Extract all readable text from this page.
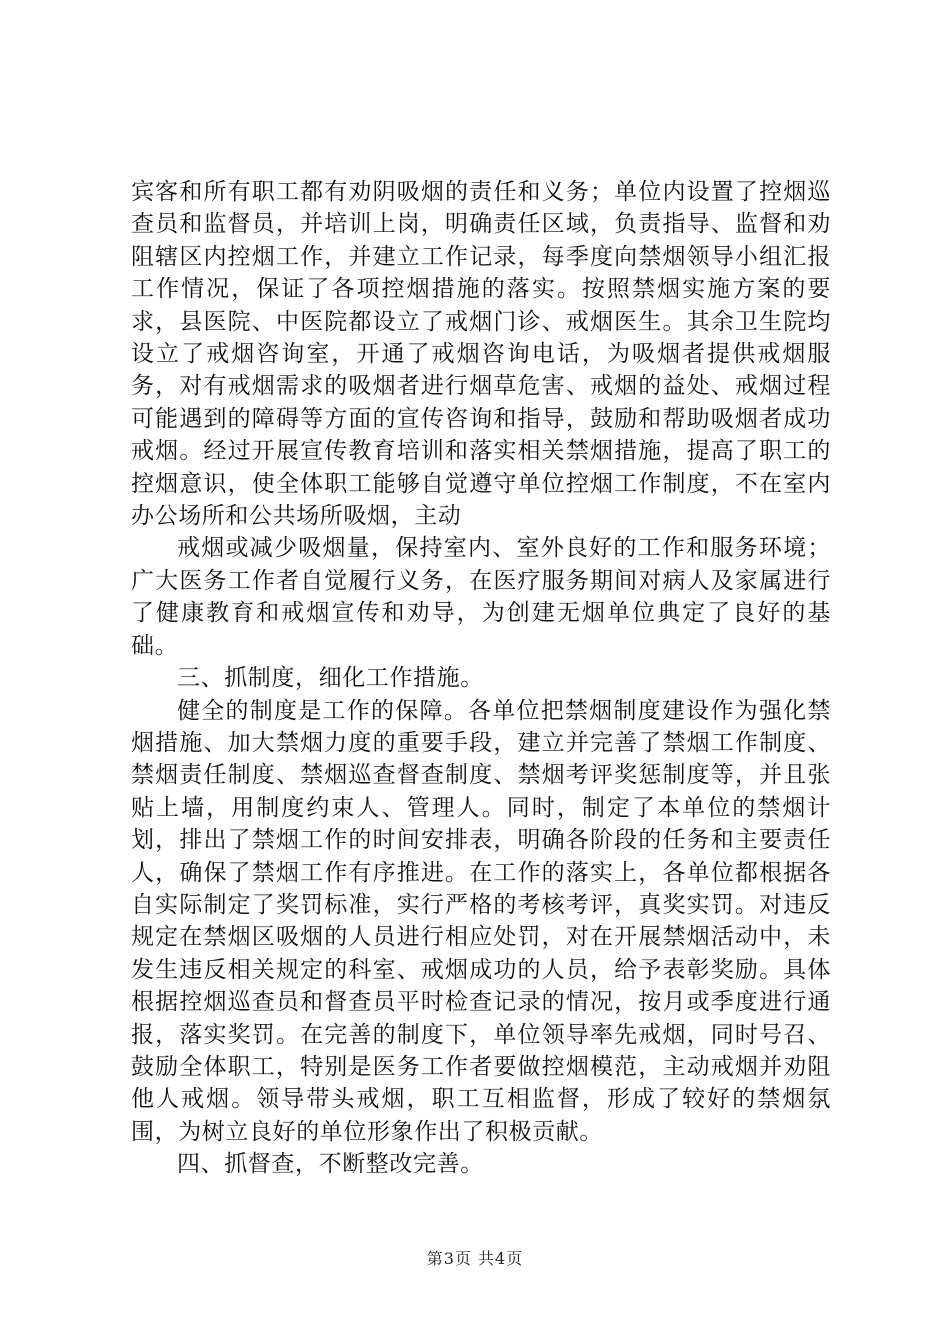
宾客和所有职工都有劝阴吸烟的责任和义务；单位内设置了控烟巡查员和监督员，并培训上岗，明确责任区域，负责指导、监督和劝阻辖区内控烟工作，并建立工作记录，每季度向禁烟领导小组汇报工作情况，保证了各项控烟措施的落实。按照禁烟实施方案的要求，县医院、中医院都设立了戒烟门诊、戒烟医生。其余卫生院均设立了戒烟咨询室，开通了戒烟咨询电话，为吸烟者提供戒烟服务，对有戒烟需求的吸烟者进行烟草危害、戒烟的益处、戒烟过程可能遇到的障碍等方面的宣传咨询和指导，鼓励和帮助吸烟者成功戒烟。经过开展宣传教育培训和落实相关禁烟措施，提高了职工的控烟意识，使全体职工能够自觉遵守单位控烟工作制度，不在室内办公场所和公共场所吸烟，主动

戒烟或减少吸烟量，保持室内、室外良好的工作和服务环境；广大医务工作者自觉履行义务，在医疗服务期间对病人及家属进行了健康教育和戒烟宣传和劝导，为创建无烟单位典定了良好的基础。

三、抓制度，细化工作措施。

健全的制度是工作的保障。各单位把禁烟制度建设作为强化禁烟措施、加大禁烟力度的重要手段，建立并完善了禁烟工作制度、禁烟责任制度、禁烟巡查督查制度、禁烟考评奖惩制度等，并且张贴上墙，用制度约束人、管理人。同时，制定了本单位的禁烟计划，排出了禁烟工作的时间安排表，明确各阶段的任务和主要责任人，确保了禁烟工作有序推进。在工作的落实上，各单位都根据各自实际制定了奖罚标准，实行严格的考核考评，真奖实罚。对违反规定在禁烟区吸烟的人员进行相应处罚，对在开展禁烟活动中，未发生违反相关规定的科室、戒烟成功的人员，给予表彰奖励。具体根据控烟巡查员和督查员平时检查记录的情况，按月或季度进行通报，落实奖罚。在完善的制度下，单位领导率先戒烟，同时号召、鼓励全体职工，特别是医务工作者要做控烟模范，主动戒烟并劝阻他人戒烟。领导带头戒烟，职工互相监督，形成了较好的禁烟氛围，为树立良好的单位形象作出了积极贡献。

四、抓督查，不断整改完善。

第3页 共4页
